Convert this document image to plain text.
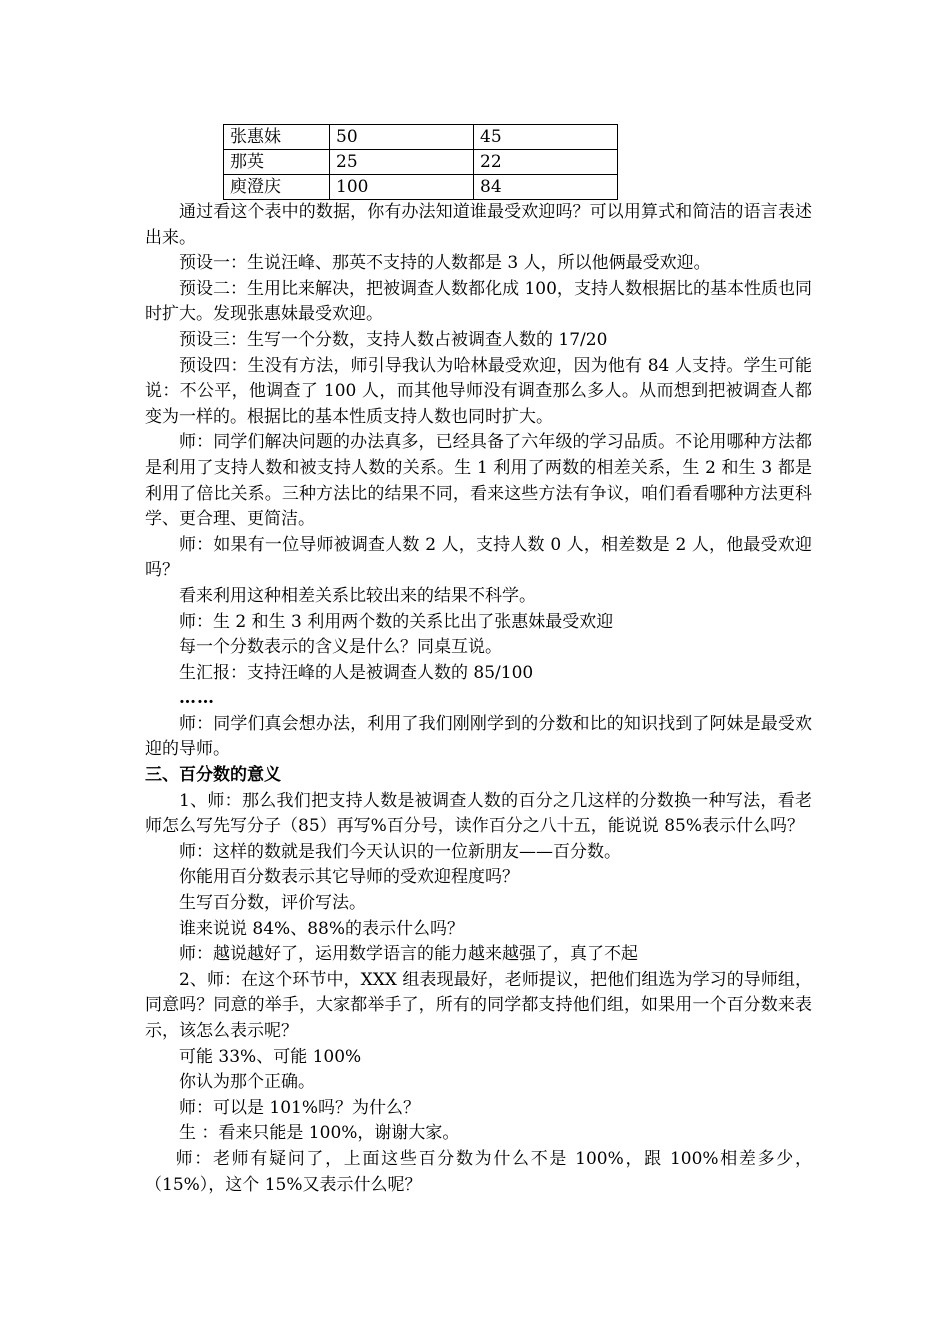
张惠妹	50	45
那英	25	22
庾澄庆	100	84

通过看这个表中的数据，你有办法知道谁最受欢迎吗？可以用算式和简洁的语言表述出来。

预设一：生说汪峰、那英不支持的人数都是 3 人，所以他俩最受欢迎。

预设二：生用比来解决，把被调查人数都化成 100，支持人数根据比的基本性质也同时扩大。发现张惠妹最受欢迎。

预设三：生写一个分数，支持人数占被调查人数的 17/20

预设四：生没有方法，师引导我认为哈林最受欢迎，因为他有 84 人支持。学生可能说：不公平，他调查了 100 人，而其他导师没有调查那么多人。从而想到把被调查人都变为一样的。根据比的基本性质支持人数也同时扩大。

师：同学们解决问题的办法真多，已经具备了六年级的学习品质。不论用哪种方法都是利用了支持人数和被支持人数的关系。生 1 利用了两数的相差关系，生 2 和生 3 都是利用了倍比关系。三种方法比的结果不同，看来这些方法有争议，咱们看看哪种方法更科学、更合理、更简洁。

师：如果有一位导师被调查人数 2 人，支持人数 0 人，相差数是 2 人，他最受欢迎吗？

看来利用这种相差关系比较出来的结果不科学。

师：生 2 和生 3 利用两个数的关系比出了张惠妹最受欢迎

每一个分数表示的含义是什么？同桌互说。

生汇报：支持汪峰的人是被调查人数的 85/100

……

师：同学们真会想办法，利用了我们刚刚学到的分数和比的知识找到了阿妹是最受欢迎的导师。

三、百分数的意义

1、师：那么我们把支持人数是被调查人数的百分之几这样的分数换一种写法，看老师怎么写先写分子（85）再写%百分号，读作百分之八十五，能说说 85%表示什么吗？

师：这样的数就是我们今天认识的一位新朋友——百分数。

你能用百分数表示其它导师的受欢迎程度吗？

生写百分数，评价写法。

谁来说说 84%、88%的表示什么吗？

师：越说越好了，运用数学语言的能力越来越强了，真了不起

2、师：在这个环节中，XXX 组表现最好，老师提议，把他们组选为学习的导师组，同意吗？同意的举手，大家都举手了，所有的同学都支持他们组，如果用一个百分数来表示，该怎么表示呢？

可能 33%、可能 100%

你认为那个正确。

师：可以是 101%吗？为什么？

生 ：看来只能是 100%，谢谢大家。

师：老师有疑问了，上面这些百分数为什么不是 100%，跟 100%相差多少，（15%），这个 15%又表示什么呢？
